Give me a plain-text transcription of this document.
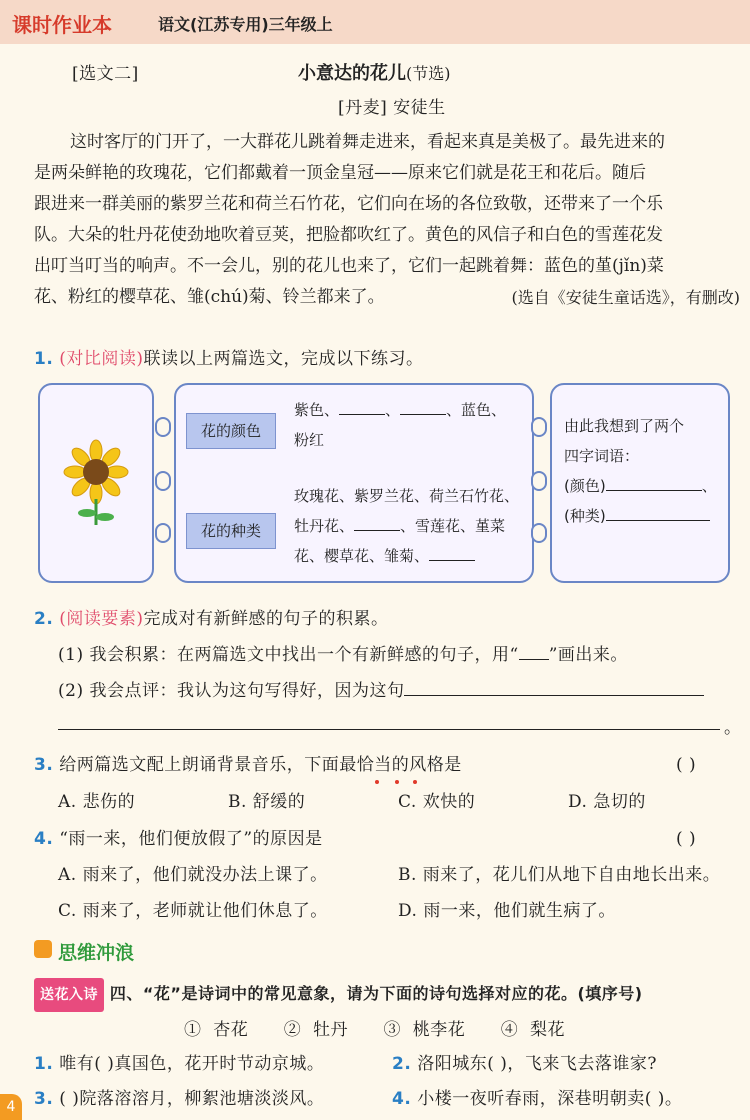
课时作业本	语文(江苏专用)三年级上
[选文二]	小意达的花儿(节选)
[丹麦] 安徒生
这时客厅的门开了，一大群花儿跳着舞走进来，看起来真是美极了。最先进来的
是两朵鲜艳的玫瑰花，它们都戴着一顶金皇冠——原来它们就是花王和花后。随后
跟进来一群美丽的紫罗兰花和荷兰石竹花，它们向在场的各位致敬，还带来了一个乐
队。大朵的牡丹花使劲地吹着豆荚，把脸都吹红了。黄色的风信子和白色的雪莲花发
出叮当叮当的响声。不一会儿，别的花儿也来了，它们一起跳着舞：蓝色的堇(jǐn)菜
花、粉红的樱草花、雏(chú)菊、铃兰都来了。	(选自《安徒生童话选》，有删改)
1. (对比阅读)联读以上两篇选文，完成以下练习。
花的颜色
花的种类
紫色、	、	、蓝色、
粉红
玫瑰花、紫罗兰花、荷兰石竹花、
牡丹花、	、雪莲花、堇菜
花、樱草花、雏菊、
由此我想到了两个
四字词语：
(颜色)	、
(种类)
2. (阅读要素)完成对有新鲜感的句子的积累。
(1) 我会积累：在两篇选文中找出一个有新鲜感的句子，用“ ”画出来。
(2) 我会点评：我认为这句写得好，因为这句
。
3. 给两篇选文配上朗诵背景音乐，下面最恰当的风格是	( )
A. 悲伤的	B. 舒缓的	C. 欢快的	D. 急切的
4. “雨一来，他们便放假了”的原因是	( )
A. 雨来了，他们就没办法上课了。	B. 雨来了，花儿们从地下自由地长出来。
C. 雨来了，老师就让他们休息了。	D. 雨一来，他们就生病了。
思维冲浪
送花入诗 四、“花”是诗词中的常见意象，请为下面的诗句选择对应的花。(填序号)
①  杏花      ②  牡丹      ③  桃李花      ④  梨花
1. 唯有( )真国色，花开时节动京城。	2. 洛阳城东( )，飞来飞去落谁家?
3. ( )院落溶溶月，柳絮池塘淡淡风。	4. 小楼一夜听春雨，深巷明朝卖( )。
4
